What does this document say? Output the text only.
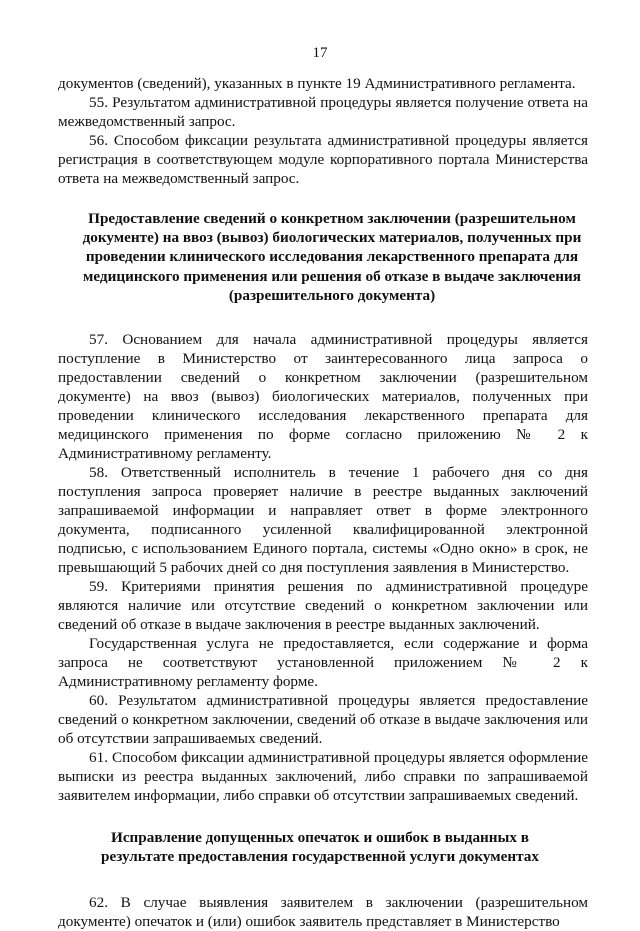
17

документов (сведений), указанных в пункте 19 Административного регламента.

55. Результатом административной процедуры является получение ответа на межведомственный запрос.

56. Способом фиксации результата административной процедуры является регистрация в соответствующем модуле корпоративного портала Министерства ответа на межведомственный запрос.

Предоставление сведений о конкретном заключении (разрешительном документе) на ввоз (вывоз) биологических материалов, полученных при проведении клинического исследования лекарственного препарата для медицинского применения или решения об отказе в выдаче заключения (разрешительного документа)

57. Основанием для начала административной процедуры является поступление в Министерство от заинтересованного лица запроса о предоставлении сведений о конкретном заключении (разрешительном документе) на ввоз (вывоз) биологических материалов, полученных при проведении клинического исследования лекарственного препарата для медицинского применения по форме согласно приложению № 2 к Административному регламенту.

58. Ответственный исполнитель в течение 1 рабочего дня со дня поступления запроса проверяет наличие в реестре выданных заключений запрашиваемой информации и направляет ответ в форме электронного документа, подписанного усиленной квалифицированной электронной подписью, с использованием Единого портала, системы «Одно окно» в срок, не превышающий 5 рабочих дней со дня поступления заявления в Министерство.

59. Критериями принятия решения по административной процедуре являются наличие или отсутствие сведений о конкретном заключении или сведений об отказе в выдаче заключения в реестре выданных заключений.

Государственная услуга не предоставляется, если содержание и форма запроса не соответствуют установленной приложением № 2 к Административному регламенту форме.

60. Результатом административной процедуры является предоставление сведений о конкретном заключении, сведений об отказе в выдаче заключения или об отсутствии запрашиваемых сведений.

61. Способом фиксации административной процедуры является оформление выписки из реестра выданных заключений, либо справки по запрашиваемой заявителем информации, либо справки об отсутствии запрашиваемых сведений.

Исправление допущенных опечаток и ошибок в выданных в результате предоставления государственной услуги документах

62. В случае выявления заявителем в заключении (разрешительном документе) опечаток и (или) ошибок заявитель представляет в Министерство
